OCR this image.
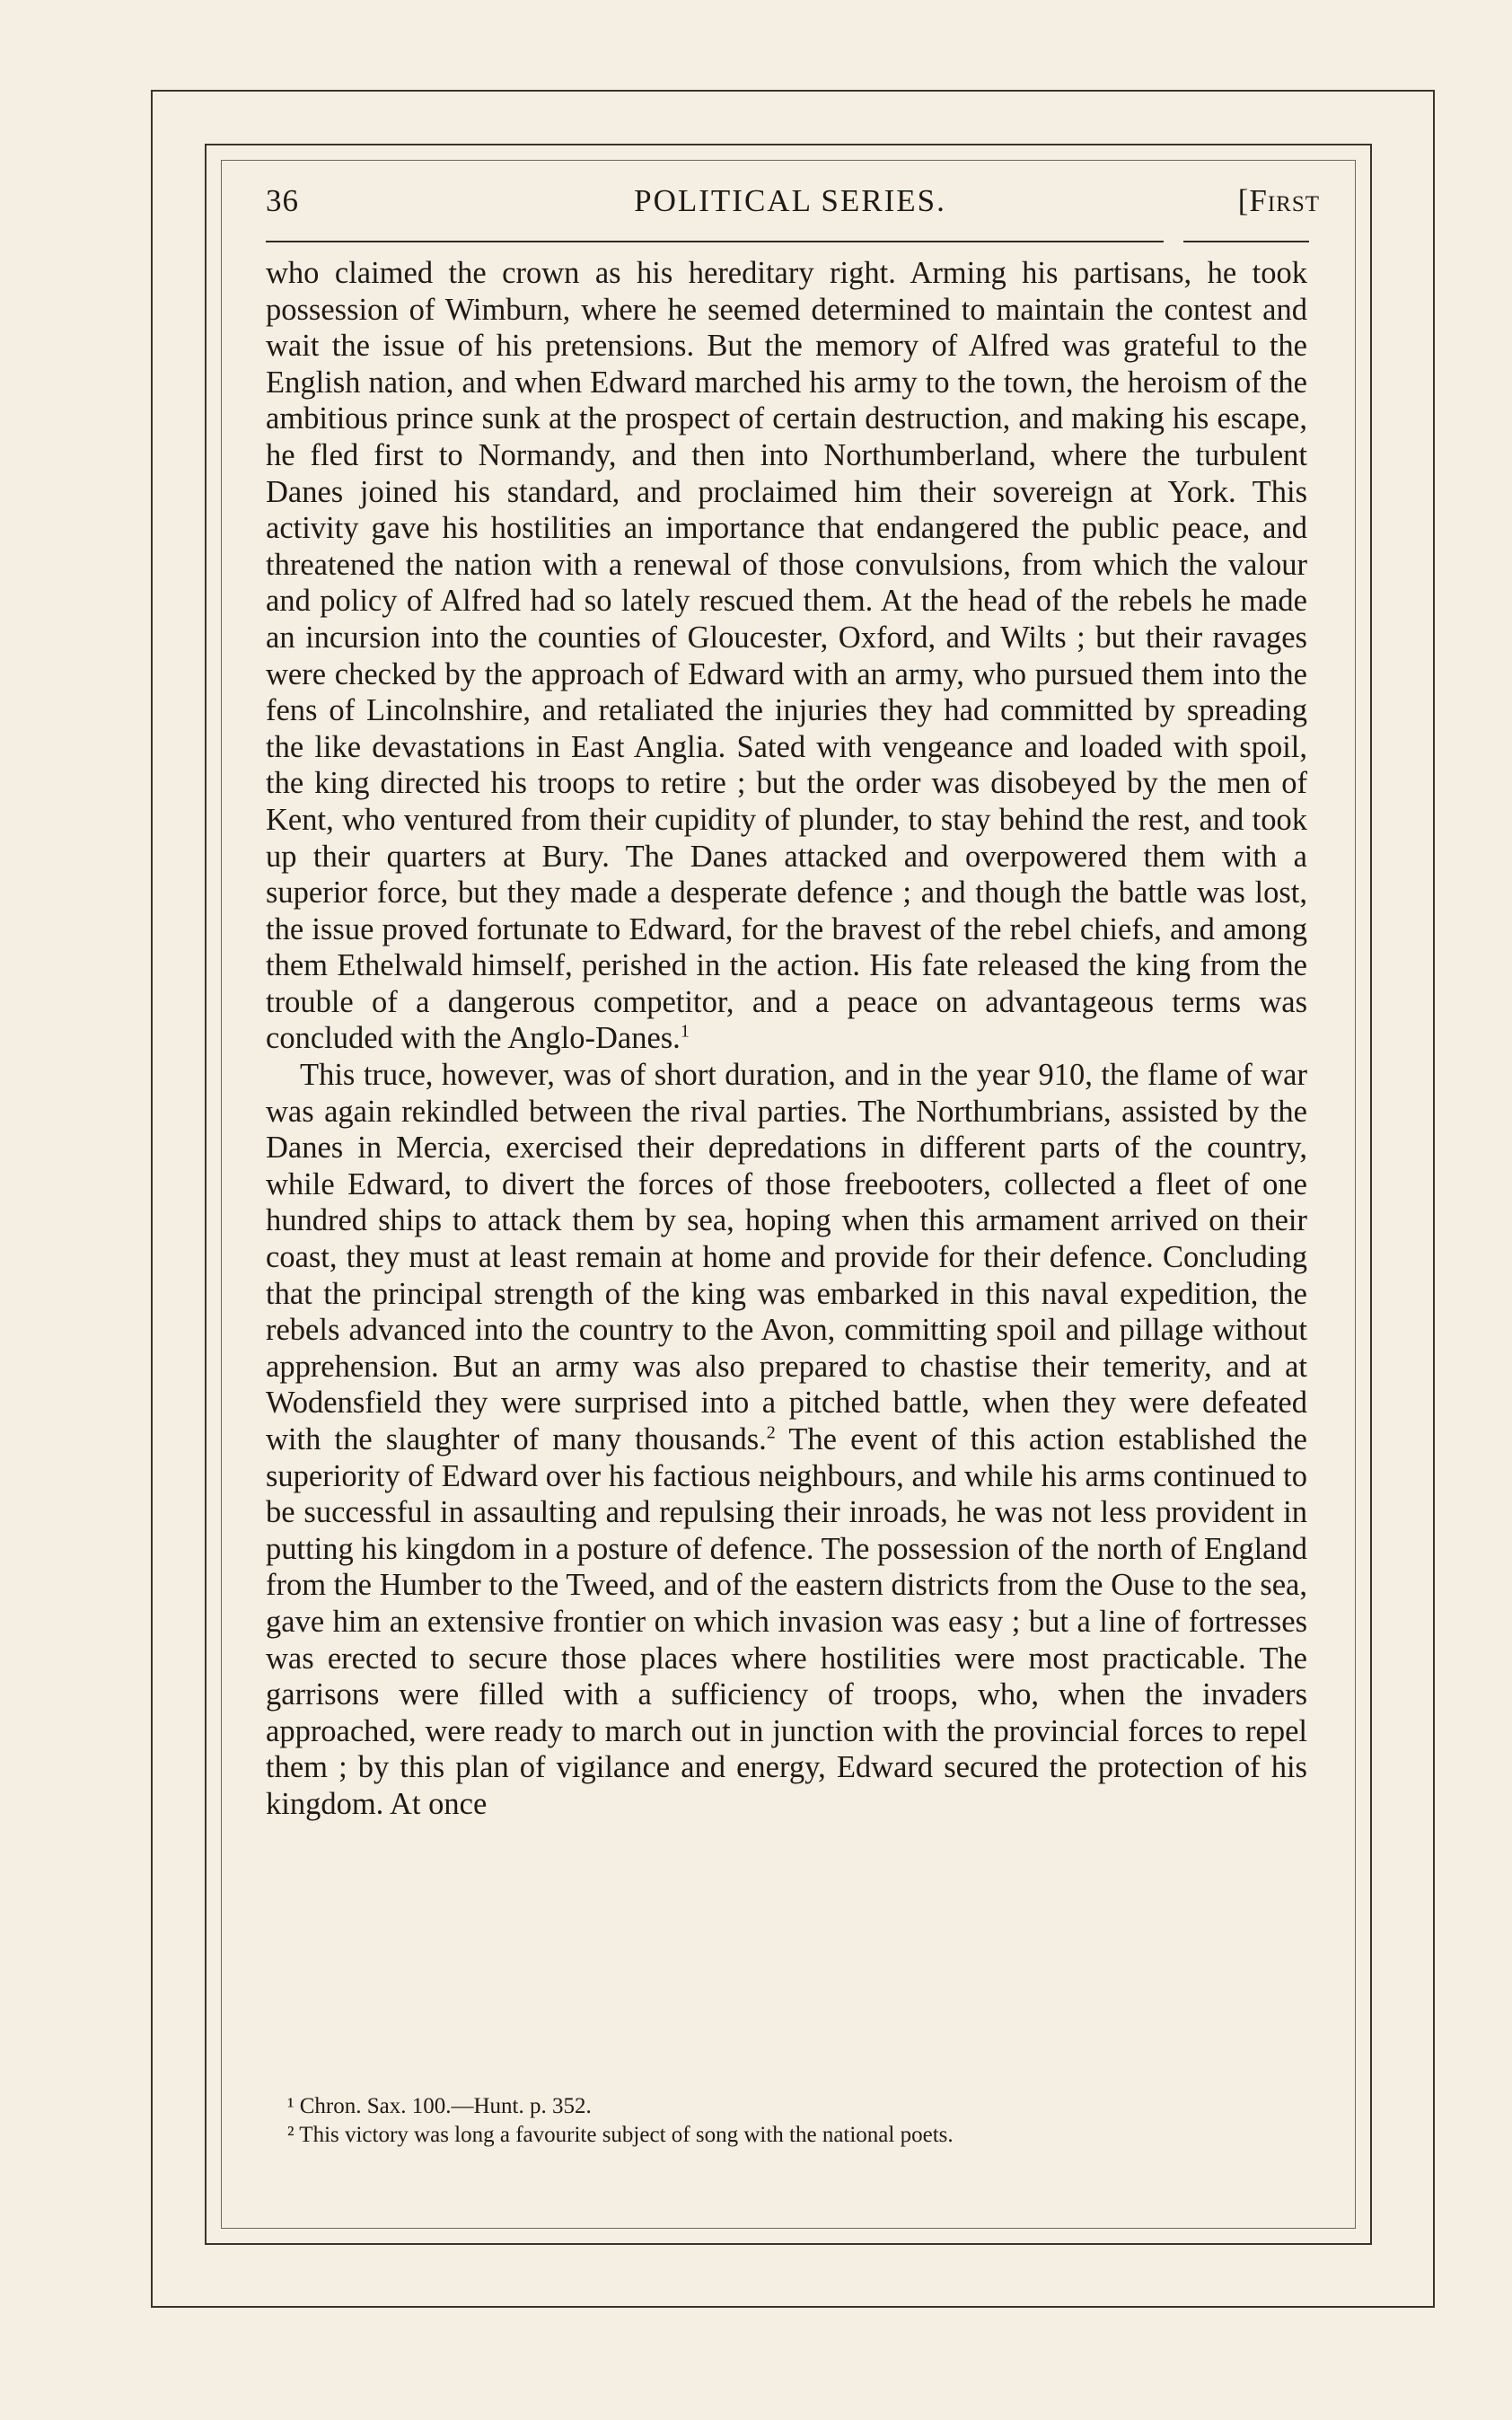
36	POLITICAL SERIES.	[First

who claimed the crown as his hereditary right. Arming his partisans, he took possession of Wimburn, where he seemed determined to maintain the contest and wait the issue of his pretensions. But the memory of Alfred was grateful to the English nation, and when Edward marched his army to the town, the heroism of the ambitious prince sunk at the prospect of certain destruction, and making his escape, he fled first to Normandy, and then into Northumberland, where the turbulent Danes joined his standard, and proclaimed him their sovereign at York. This activity gave his hostilities an importance that endangered the public peace, and threatened the nation with a renewal of those convulsions, from which the valour and policy of Alfred had so lately rescued them. At the head of the rebels he made an incursion into the counties of Gloucester, Oxford, and Wilts ; but their ravages were checked by the approach of Edward with an army, who pursued them into the fens of Lincolnshire, and retaliated the injuries they had committed by spreading the like devastations in East Anglia. Sated with vengeance and loaded with spoil, the king directed his troops to retire ; but the order was disobeyed by the men of Kent, who ventured from their cupidity of plunder, to stay behind the rest, and took up their quarters at Bury. The Danes attacked and overpowered them with a superior force, but they made a desperate defence ; and though the battle was lost, the issue proved fortunate to Edward, for the bravest of the rebel chiefs, and among them Ethelwald himself, perished in the action. His fate released the king from the trouble of a dangerous competitor, and a peace on advantageous terms was concluded with the Anglo-Danes.$^1$

This truce, however, was of short duration, and in the year 910, the flame of war was again rekindled between the rival parties. The Northumbrians, assisted by the Danes in Mercia, exercised their depredations in different parts of the country, while Edward, to divert the forces of those freebooters, collected a fleet of one hundred ships to attack them by sea, hoping when this armament arrived on their coast, they must at least remain at home and provide for their defence. Concluding that the principal strength of the king was embarked in this naval expedition, the rebels advanced into the country to the Avon, committing spoil and pillage without apprehension. But an army was also prepared to chastise their temerity, and at Wodensfield they were surprised into a pitched battle, when they were defeated with the slaughter of many thousands.$^2$ The event of this action established the superiority of Edward over his factious neighbours, and while his arms continued to be successful in assaulting and repulsing their inroads, he was not less provident in putting his kingdom in a posture of defence. The possession of the north of England from the Humber to the Tweed, and of the eastern districts from the Ouse to the sea, gave him an extensive frontier on which invasion was easy ; but a line of fortresses was erected to secure those places where hostilities were most practicable. The garrisons were filled with a sufficiency of troops, who, when the invaders approached, were ready to march out in junction with the provincial forces to repel them ; by this plan of vigilance and energy, Edward secured the protection of his kingdom. At once

¹ Chron. Sax. 100.—Hunt. p. 352.
² This victory was long a favourite subject of song with the national poets.
